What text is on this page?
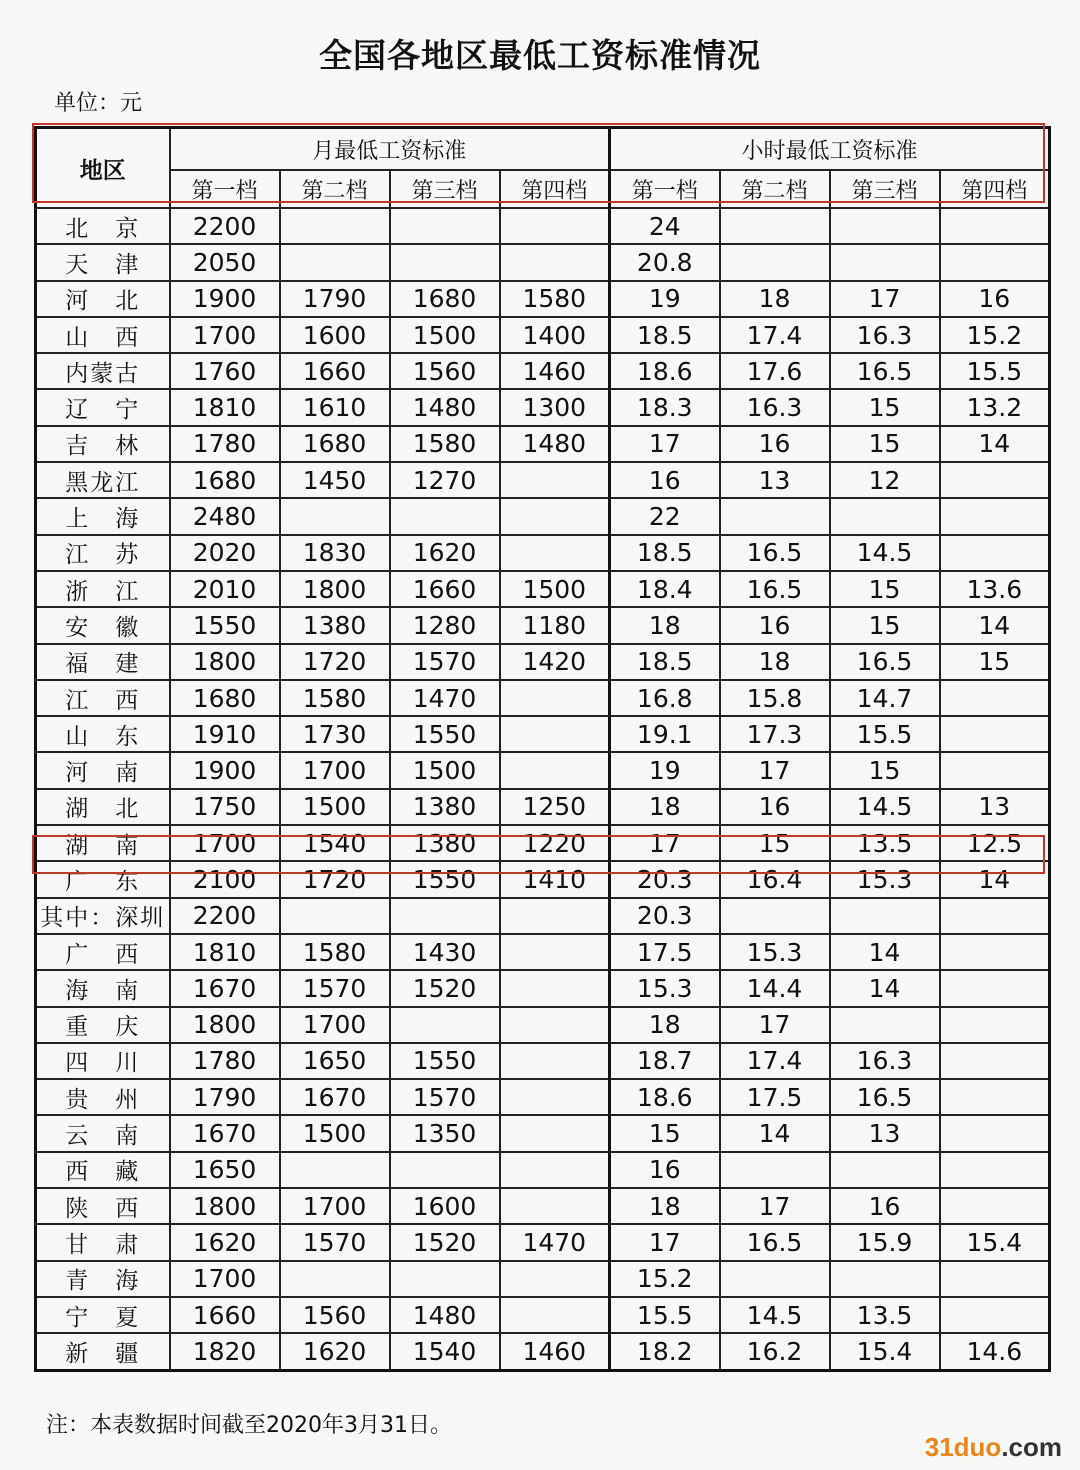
全国各地区最低工资标准情况
单位：元
地区	月最低工资标准				小时最低工资标准			
	第一档	第二档	第三档	第四档	第一档	第二档	第三档	第四档
北　京	2200				24			
天　津	2050				20.8			
河　北	1900	1790	1680	1580	19	18	17	16
山　西	1700	1600	1500	1400	18.5	17.4	16.3	15.2
内蒙古	1760	1660	1560	1460	18.6	17.6	16.5	15.5
辽　宁	1810	1610	1480	1300	18.3	16.3	15	13.2
吉　林	1780	1680	1580	1480	17	16	15	14
黑龙江	1680	1450	1270		16	13	12	
上　海	2480				22			
江　苏	2020	1830	1620		18.5	16.5	14.5	
浙　江	2010	1800	1660	1500	18.4	16.5	15	13.6
安　徽	1550	1380	1280	1180	18	16	15	14
福　建	1800	1720	1570	1420	18.5	18	16.5	15
江　西	1680	1580	1470		16.8	15.8	14.7	
山　东	1910	1730	1550		19.1	17.3	15.5	
河　南	1900	1700	1500		19	17	15	
湖　北	1750	1500	1380	1250	18	16	14.5	13
湖　南	1700	1540	1380	1220	17	15	13.5	12.5
广　东	2100	1720	1550	1410	20.3	16.4	15.3	14
其中：深圳	2200				20.3			
广　西	1810	1580	1430		17.5	15.3	14	
海　南	1670	1570	1520		15.3	14.4	14	
重　庆	1800	1700			18	17		
四　川	1780	1650	1550		18.7	17.4	16.3	
贵　州	1790	1670	1570		18.6	17.5	16.5	
云　南	1670	1500	1350		15	14	13	
西　藏	1650				16			
陕　西	1800	1700	1600		18	17	16	
甘　肃	1620	1570	1520	1470	17	16.5	15.9	15.4
青　海	1700				15.2			
宁　夏	1660	1560	1480		15.5	14.5	13.5	
新　疆	1820	1620	1540	1460	18.2	16.2	15.4	14.6
注：本表数据时间截至2020年3月31日。
31duo.com
